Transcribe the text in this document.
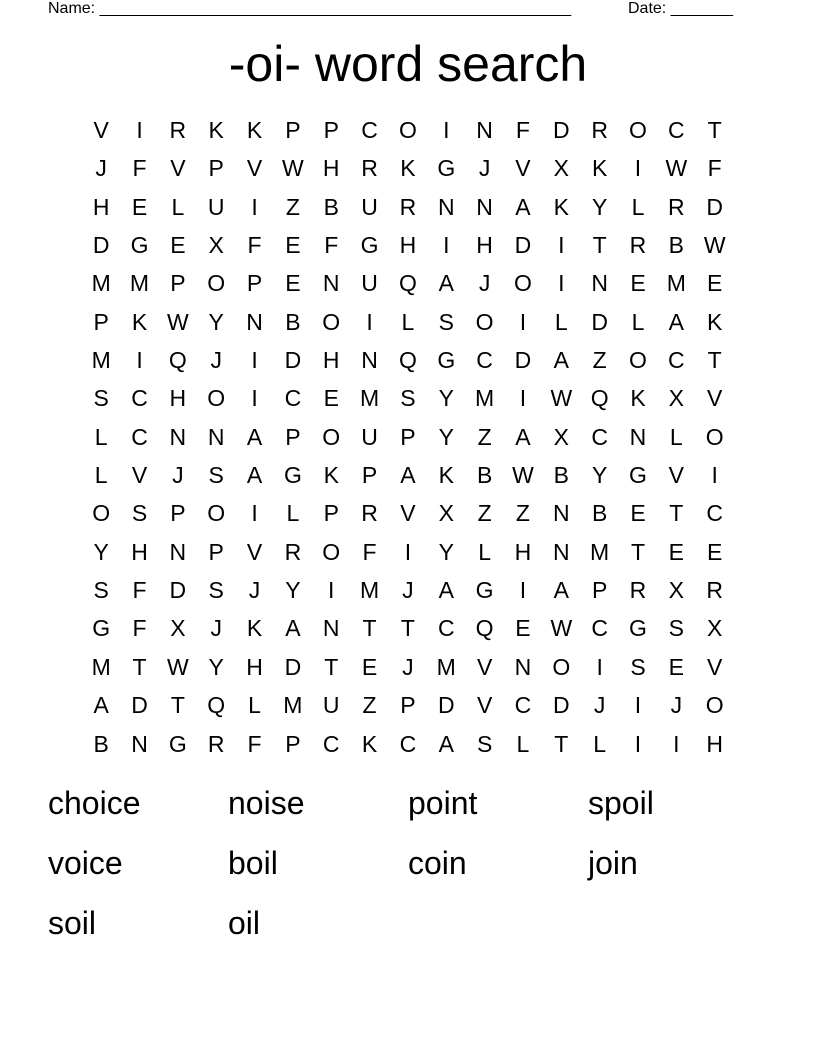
Name: _____________________________________________________	Date: _______
-oi- word search
V	I	R K	K	P	P C O	I	N	F	D R O C	T
J	F	V	P	V W H R K G	J	V	X	K	I	W F
H E	L	U	I	Z	B U R N N A	K	Y	L	R D
D G E	X	F	E	F G H	I	H D	I	T	R B W
M M P O P	E N U Q A	J	O	I	N E M E
P	K W Y N B O	I	L	S O	I	L	D	L	A	K
M	I	Q	J	I	D H N Q G C D A	Z O C	T
S C H O	I	C E M S	Y M	I	W Q K	X	V
L	C N N A	P O U P	Y	Z	A	X C N	L	O
L	V	J	S	A G K	P	A	K	B W B	Y G V	I
O S	P O	I	L	P R V	X	Z	Z	N B	E	T	C
Y H N P	V R O F	I	Y	L	H N M T	E	E
S	F	D S	J	Y	I	M	J	A G	I	A	P R X R
G F	X	J	K	A N	T	T	C Q E W C G S	X
M T W Y H D	T	E	J	M V N O	I	S	E	V
A D	T Q	L M U	Z	P D V C D	J	I	J	O
B N G R	F	P C K C A	S	L	T	L	I	I	H
choice	noise	point	spoil
voice	boil	coin	join
soil	oil
